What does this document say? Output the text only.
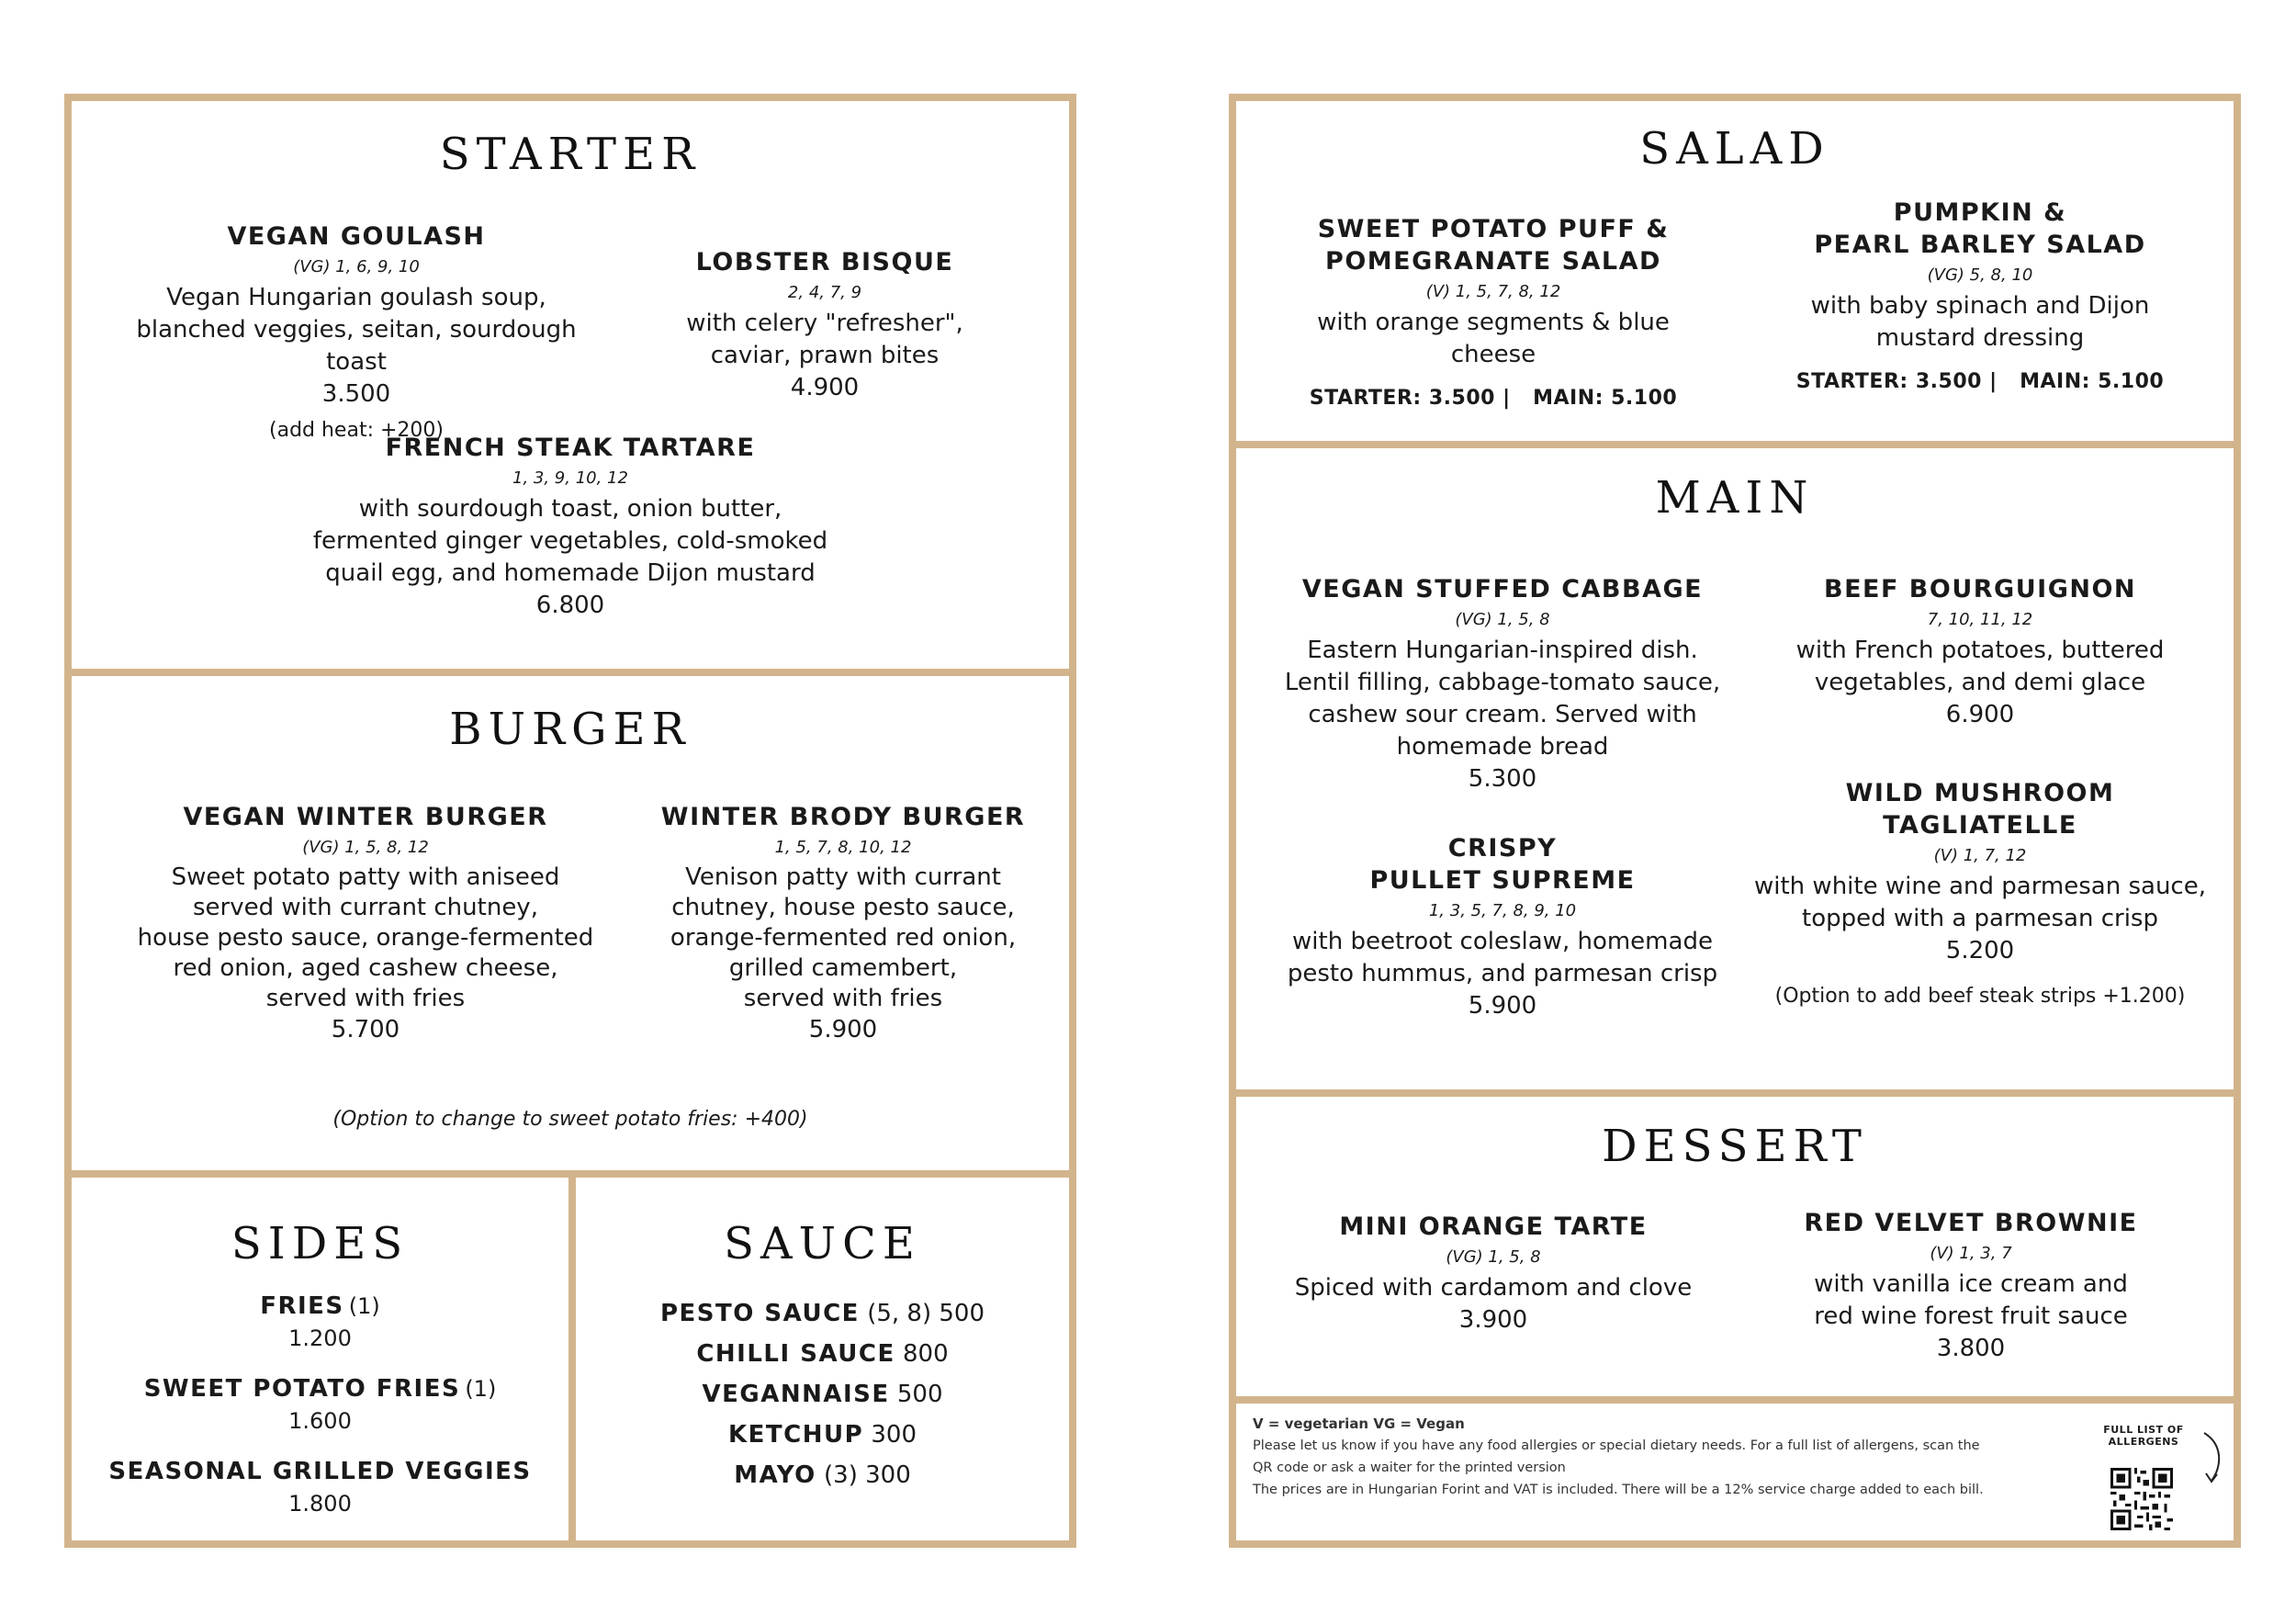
STARTER
VEGAN GOULASH
(VG) 1, 6, 9, 10
Vegan Hungarian goulash soup,
blanched veggies, seitan, sourdough toast
3.500
(add heat: +200)
LOBSTER BISQUE
2, 4, 7, 9
with celery "refresher",
caviar, prawn bites
4.900
FRENCH STEAK TARTARE
1, 3, 9, 10, 12
with sourdough toast, onion butter,
fermented ginger vegetables, cold-smoked
quail egg, and homemade Dijon mustard
6.800
BURGER
VEGAN WINTER BURGER
(VG) 1, 5, 8, 12
Sweet potato patty with aniseed
served with currant chutney,
house pesto sauce, orange-fermented
red onion, aged cashew cheese,
served with fries
5.700
WINTER BRODY BURGER
1, 5, 7, 8, 10, 12
Venison patty with currant
chutney, house pesto sauce,
orange-fermented red onion,
grilled camembert,
served with fries
5.900
(Option to change to sweet potato fries: +400)
SIDES
FRIES (1)
1.200
SWEET POTATO FRIES (1)
1.600
SEASONAL GRILLED VEGGIES
1.800
SAUCE
PESTO SAUCE (5, 8) 500
CHILLI SAUCE 800
VEGANNAISE 500
KETCHUP 300
MAYO (3) 300
SALAD
SWEET POTATO PUFF &
POMEGRANATE SALAD
(V) 1, 5, 7, 8, 12
with orange segments & blue cheese
STARTER: 3.500 | MAIN: 5.100
PUMPKIN &
PEARL BARLEY SALAD
(VG) 5, 8, 10
with baby spinach and Dijon
mustard dressing
STARTER: 3.500 | MAIN: 5.100
MAIN
VEGAN STUFFED CABBAGE
(VG) 1, 5, 8
Eastern Hungarian-inspired dish.
Lentil filling, cabbage-tomato sauce,
cashew sour cream. Served with
homemade bread
5.300
BEEF BOURGUIGNON
7, 10, 11, 12
with French potatoes, buttered
vegetables, and demi glace
6.900
CRISPY
PULLET SUPREME
1, 3, 5, 7, 8, 9, 10
with beetroot coleslaw, homemade
pesto hummus, and parmesan crisp
5.900
WILD MUSHROOM
TAGLIATELLE
(V) 1, 7, 12
with white wine and parmesan sauce,
topped with a parmesan crisp
5.200
(Option to add beef steak strips +1.200)
DESSERT
MINI ORANGE TARTE
(VG) 1, 5, 8
Spiced with cardamom and clove
3.900
RED VELVET BROWNIE
(V) 1, 3, 7
with vanilla ice cream and
red wine forest fruit sauce
3.800
V = vegetarian VG = Vegan
Please let us know if you have any food allergies or special dietary needs. For a full list of allergens, scan the
QR code or ask a waiter for the printed version
The prices are in Hungarian Forint and VAT is included. There will be a 12% service charge added to each bill.
FULL LIST OF
ALLERGENS
